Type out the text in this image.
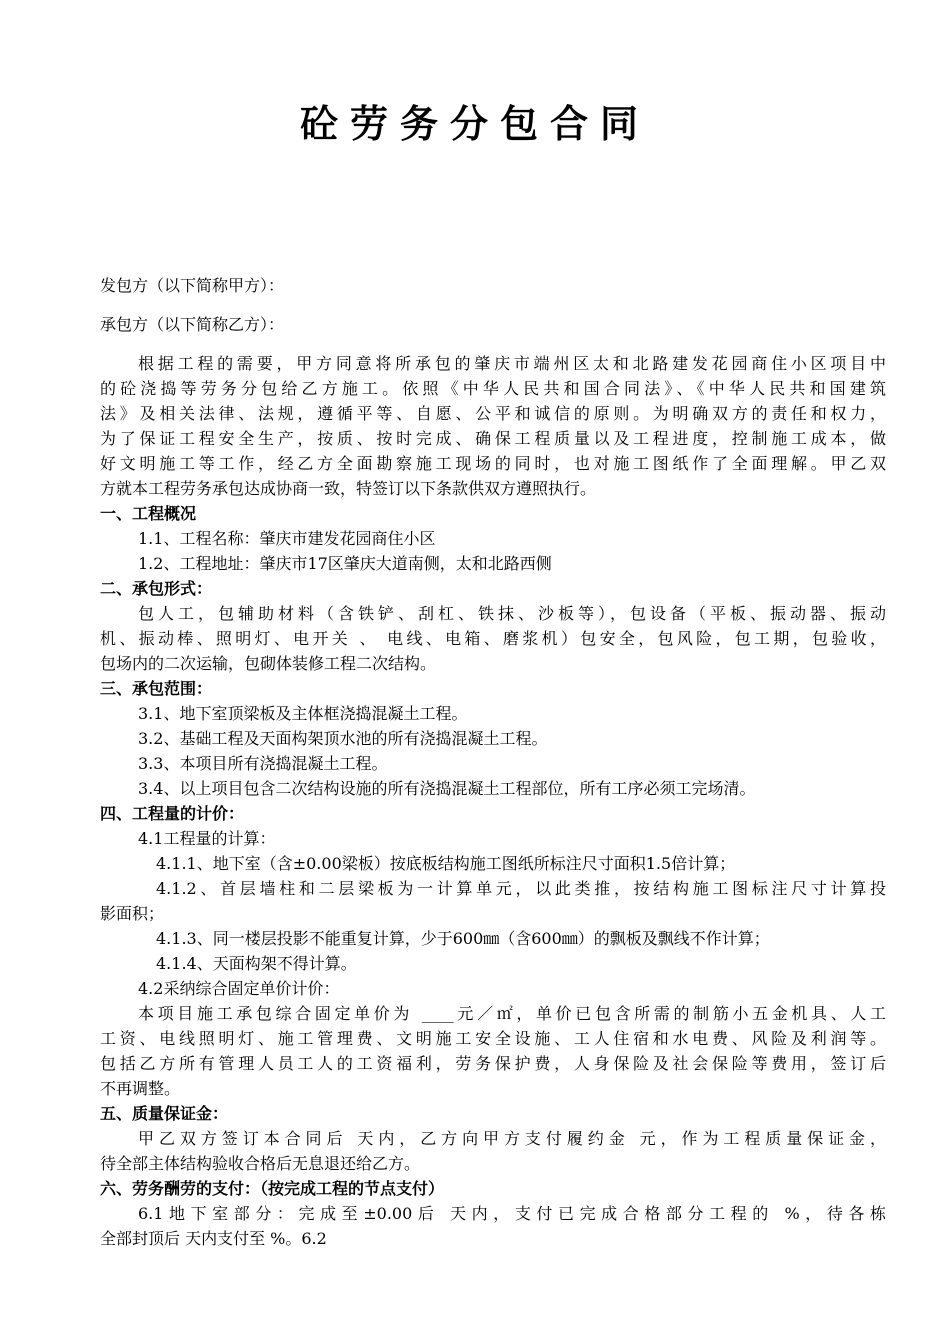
砼劳务分包合同
发包方（以下简称甲方）：
承包方（以下简称乙方）：
根据工程的需要，甲方同意将所承包的肇庆市端州区太和北路建发花园商住小区项目中
的砼浇捣等劳务分包给乙方施工。依照《中华人民共和国合同法》、《中华人民共和国建筑
法》及相关法律、法规，遵循平等、自愿、公平和诚信的原则。为明确双方的责任和权力，
为了保证工程安全生产，按质、按时完成、确保工程质量以及工程进度，控制施工成本，做
好文明施工等工作，经乙方全面勘察施工现场的同时，也对施工图纸作了全面理解。甲乙双
方就本工程劳务承包达成协商一致，特签订以下条款供双方遵照执行。
一、工程概况
1.1、工程名称：肇庆市建发花园商住小区
1.2、工程地址：肇庆市17区肇庆大道南侧，太和北路西侧
二、承包形式：
包人工，包辅助材料（含铁铲、刮杠、铁抹、沙板等），包设备（平板、振动器、振动
机、振动棒、照明灯、电开关 、 电线、电箱、磨浆机）包安全，包风险，包工期，包验收，
包场内的二次运输，包砌体装修工程二次结构。
三、承包范围：
3.1、地下室顶梁板及主体框浇捣混凝土工程。
3.2、基础工程及天面构架顶水池的所有浇捣混凝土工程。
3.3、本项目所有浇捣混凝土工程。
3.4、以上项目包含二次结构设施的所有浇捣混凝土工程部位，所有工序必须工完场清。
四、工程量的计价：
4.1工程量的计算：
4.1.1、地下室（含±0.00梁板）按底板结构施工图纸所标注尺寸面积1.5倍计算；
4.1.2、首层墙柱和二层梁板为一计算单元，以此类推，按结构施工图标注尺寸计算投
影面积；
4.1.3、同一楼层投影不能重复计算，少于600㎜（含600㎜）的飘板及飘线不作计算；
4.1.4、天面构架不得计算。
4.2采纳综合固定单价计价：
本项目施工承包综合固定单价为 ____元／㎡，单价已包含所需的制筋小五金机具、人工
工资、电线照明灯、施工管理费、文明施工安全设施、工人住宿和水电费、风险及利润等。
包括乙方所有管理人员工人的工资福利，劳务保护费，人身保险及社会保险等费用，签订后
不再调整。
五、质量保证金：
甲乙双方签订本合同后 天内，乙方向甲方支付履约金 元，作为工程质量保证金，
待全部主体结构验收合格后无息退还给乙方。
六、劳务酬劳的支付：（按完成工程的节点支付）
6.1地下室部分：完成至±0.00后 天内，支付已完成合格部分工程的 %，待各栋
全部封顶后 天内支付至 %。6.2
